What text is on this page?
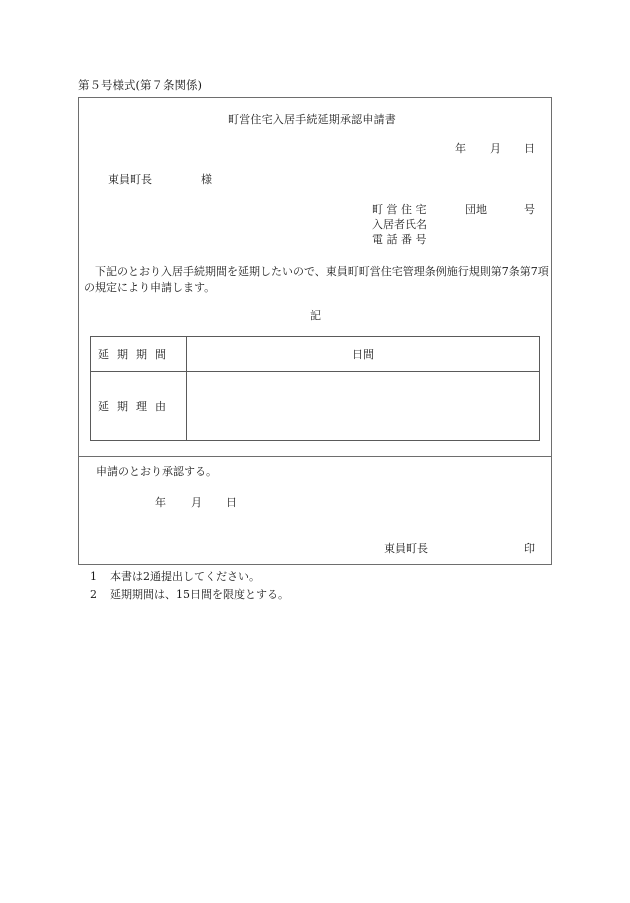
第５号様式(第７条関係)
町営住宅入居手続延期承認申請書
年 月 日
東員町長	様
町 営 住 宅	団地	号
入居者氏名
電 話 番 号
下記のとおり入居手続期間を延期したいので、東員町町営住宅管理条例施行規則第7条第7項の規定により申請します。
記
延期期間	日間
延期理由	
申請のとおり承認する。
年 月 日
東員町長	印
1 本書は2通提出してください。
2 延期期間は、15日間を限度とする。
